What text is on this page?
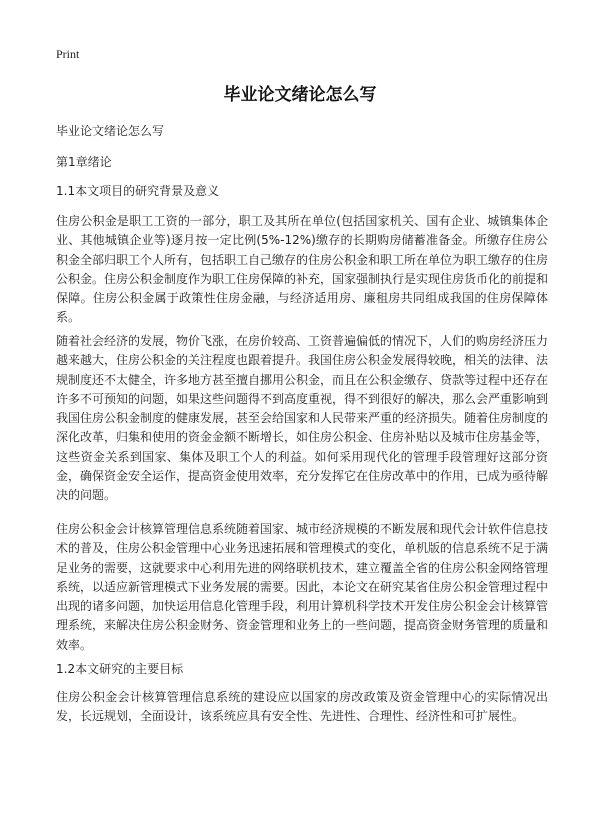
Print
毕业论文绪论怎么写
毕业论文绪论怎么写
第1章绪论
1.1本文项目的研究背景及意义

住房公积金是职工工资的一部分，职工及其所在单位(包括国家机关、国有企业、城镇集体企业、其他城镇企业等)逐月按一定比例(5%-12%)缴存的长期购房储蓄准备金。所缴存住房公积金全部归职工个人所有，包括职工自己缴存的住房公积金和职工所在单位为职工缴存的住房公积金。住房公积金制度作为职工住房保障的补充，国家强制执行是实现住房货币化的前提和保障。住房公积金属于政策性住房金融，与经济适用房、廉租房共同组成我国的住房保障体系。

随着社会经济的发展，物价飞涨，在房价较高、工资普遍偏低的情况下，人们的购房经济压力越来越大，住房公积金的关注程度也跟着提升。我国住房公积金发展得较晚，相关的法律、法规制度还不太健全，许多地方甚至擅自挪用公积金，而且在公积金缴存、贷款等过程中还存在许多不可预知的问题，如果这些问题得不到高度重视，得不到很好的解决，那么会严重影响到我国住房公积金制度的健康发展，甚至会给国家和人民带来严重的经济损失。随着住房制度的深化改革，归集和使用的资金金额不断增长，如住房公积金、住房补贴以及城市住房基金等，这些资金关系到国家、集体及职工个人的利益。如何采用现代化的管理手段管理好这部分资金，确保资金安全运作，提高资金使用效率，充分发挥它在住房改革中的作用，已成为亟待解决的问题。

住房公积金会计核算管理信息系统随着国家、城市经济规模的不断发展和现代会计软件信息技术的普及，住房公积金管理中心业务迅速拓展和管理模式的变化，单机版的信息系统不足于满足业务的需要，这就要求中心利用先进的网络联机技术，建立覆盖全省的住房公积金网络管理系统，以适应新管理模式下业务发展的需要。因此，本论文在研究某省住房公积金管理过程中出现的诸多问题，加快运用信息化管理手段，利用计算机科学技术开发住房公积金会计核算管理系统，来解决住房公积金财务、资金管理和业务上的一些问题，提高资金财务管理的质量和效率。

1.2本文研究的主要目标

住房公积金会计核算管理信息系统的建设应以国家的房改政策及资金管理中心的实际情况出发，长远规划，全面设计，该系统应具有安全性、先进性、合理性、经济性和可扩展性。
